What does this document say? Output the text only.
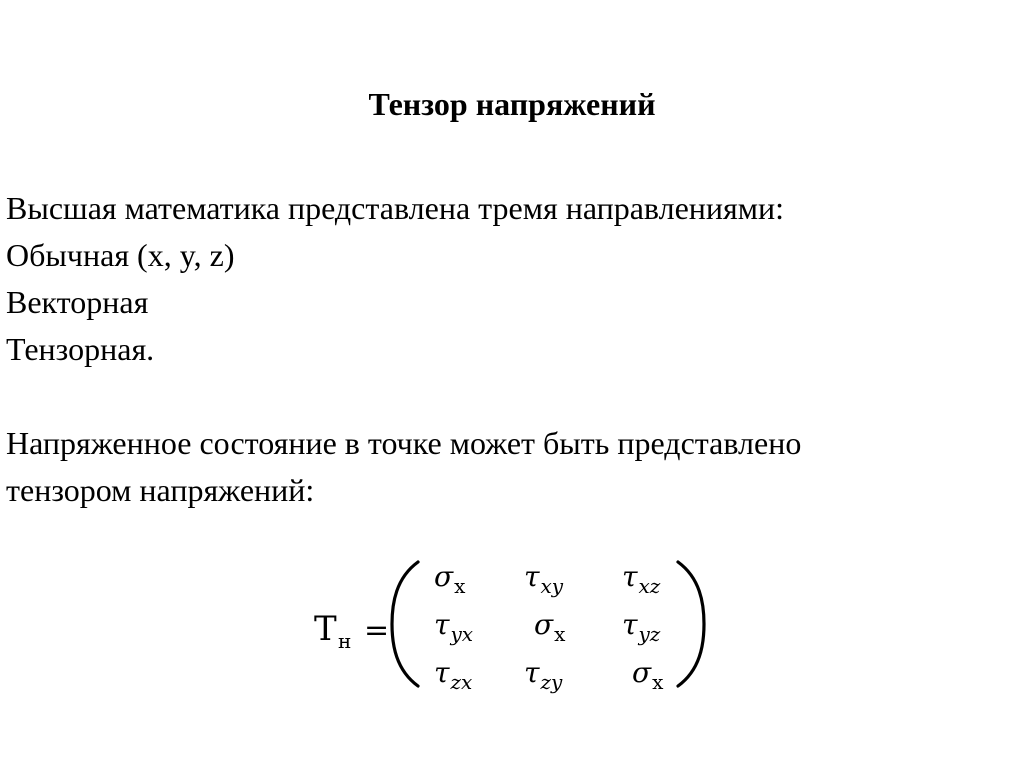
Тензор напряжений
Высшая математика представлена тремя направлениями:
Обычная (x, y, z)
Векторная
Тензорная.
Напряженное состояние в точке может быть представлено
тензором напряжений:
T н =
$\sigma_x$ $\tau_{xy}$ $\tau_{xz}$
$\tau_{yx}$ $\sigma_x$ $\tau_{yz}$
$\tau_{zx}$ $\tau_{zy}$ $\sigma_x$
